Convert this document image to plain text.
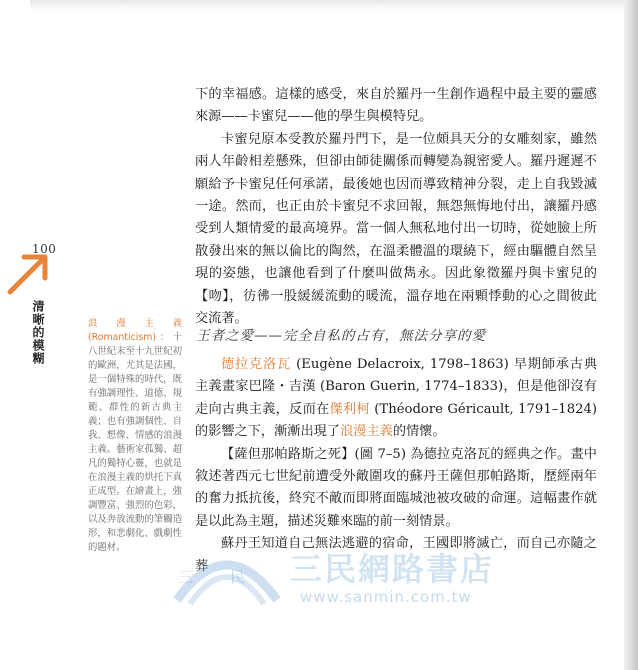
100
清晰的模糊	浪漫主義 (Romanticism)：十八世紀末至十九世紀初的歐洲，尤其是法國，是一個特殊的時代，既有強調理性、道德、規範、群性的新古典主義；也有強調個性、自我、想像、情感的浪漫主義。藝術家孤獨、超凡的獨特心靈，也就是在浪漫主義的烘托下真正成型。在繪畫上，強調豐富、強烈的色彩，以及奔放流動的筆觸造形，和悲劇化、戲劇性的題材。

下的幸福感。這樣的感受，來自於羅丹一生創作過程中最主要的靈感來源——卡蜜兒——他的學生與模特兒。

卡蜜兒原本受教於羅丹門下，是一位頗具天分的女雕刻家，雖然兩人年齡相差懸殊，但卻由師徒關係而轉變為親密愛人。羅丹遲遲不願給予卡蜜兒任何承諾，最後她也因而導致精神分裂，走上自我毀滅一途。然而，也正由於卡蜜兒不求回報，無怨無悔地付出，讓羅丹感受到人類情愛的最高境界。當一個人無私地付出一切時，從她臉上所散發出來的無以倫比的陶然，在溫柔體溫的環繞下，經由驅體自然呈現的姿態，也讓他看到了什麼叫做雋永。因此象徵羅丹與卡蜜兒的【吻】，彷彿一股緩緩流動的暖流，溫存地在兩顆悸動的心之間彼此交流著。

王者之愛——完全自私的占有，無法分享的愛

德拉克洛瓦 (Eugène Delacroix, 1798–1863) 早期師承古典主義畫家巴隆・吉漢 (Baron Guerin, 1774–1833)，但是他卻沒有走向古典主義，反而在傑利柯 (Théodore Géricault, 1791–1824) 的影響之下，漸漸出現了浪漫主義的情懷。

【薩但那帕路斯之死】(圖 7–5) 為德拉克洛瓦的經典之作。畫中敘述著西元七世紀前遭受外敵圍攻的蘇丹王薩但那帕路斯，歷經兩年的奮力抵抗後，終究不敵而即將面臨城池被攻破的命運。這幅畫作就是以此為主題，描述災難來臨的前一刻情景。

蘇丹王知道自己無法逃避的宿命，王國即將滅亡，而自己亦隨之葬

三 民 三民網路書店
www.sanmin.com.tw
